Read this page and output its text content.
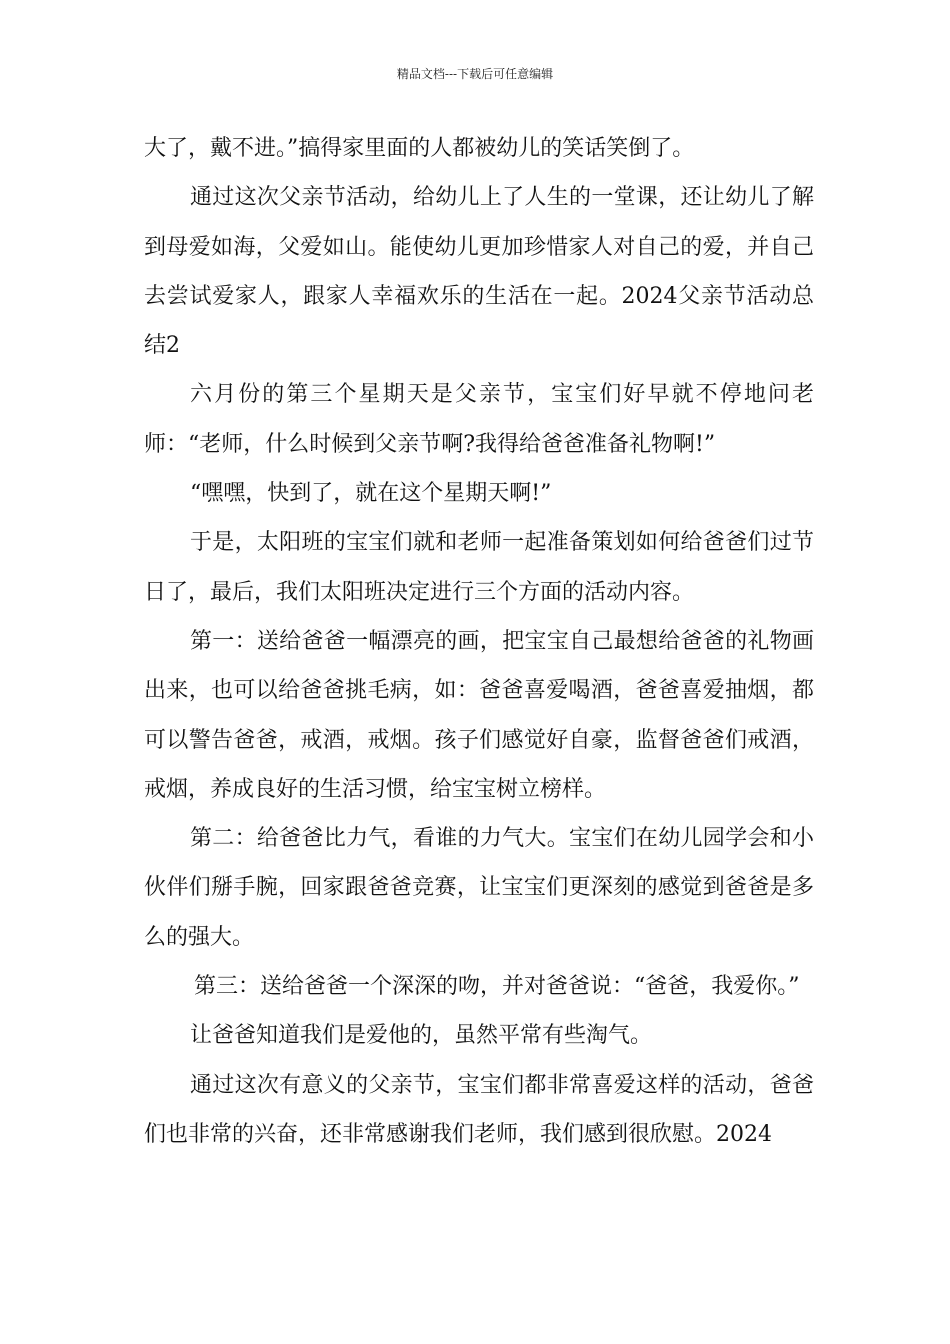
精品文档---下载后可任意编辑

大了，戴不进。”搞得家里面的人都被幼儿的笑话笑倒了。

通过这次父亲节活动，给幼儿上了人生的一堂课，还让幼儿了解到母爱如海，父爱如山。能使幼儿更加珍惜家人对自己的爱，并自己去尝试爱家人，跟家人幸福欢乐的生活在一起。2024父亲节活动总结2

六月份的第三个星期天是父亲节，宝宝们好早就不停地问老师：“老师，什么时候到父亲节啊?我得给爸爸准备礼物啊!”

“嘿嘿，快到了，就在这个星期天啊!”

于是，太阳班的宝宝们就和老师一起准备策划如何给爸爸们过节日了，最后，我们太阳班决定进行三个方面的活动内容。

第一：送给爸爸一幅漂亮的画，把宝宝自己最想给爸爸的礼物画出来，也可以给爸爸挑毛病，如：爸爸喜爱喝酒，爸爸喜爱抽烟，都可以警告爸爸，戒酒，戒烟。孩子们感觉好自豪，监督爸爸们戒酒，戒烟，养成良好的生活习惯，给宝宝树立榜样。

第二：给爸爸比力气，看谁的力气大。宝宝们在幼儿园学会和小伙伴们掰手腕，回家跟爸爸竞赛，让宝宝们更深刻的感觉到爸爸是多么的强大。

第三：送给爸爸一个深深的吻，并对爸爸说：“爸爸，我爱你。”

让爸爸知道我们是爱他的，虽然平常有些淘气。

通过这次有意义的父亲节，宝宝们都非常喜爱这样的活动，爸爸们也非常的兴奋，还非常感谢我们老师，我们感到很欣慰。2024
